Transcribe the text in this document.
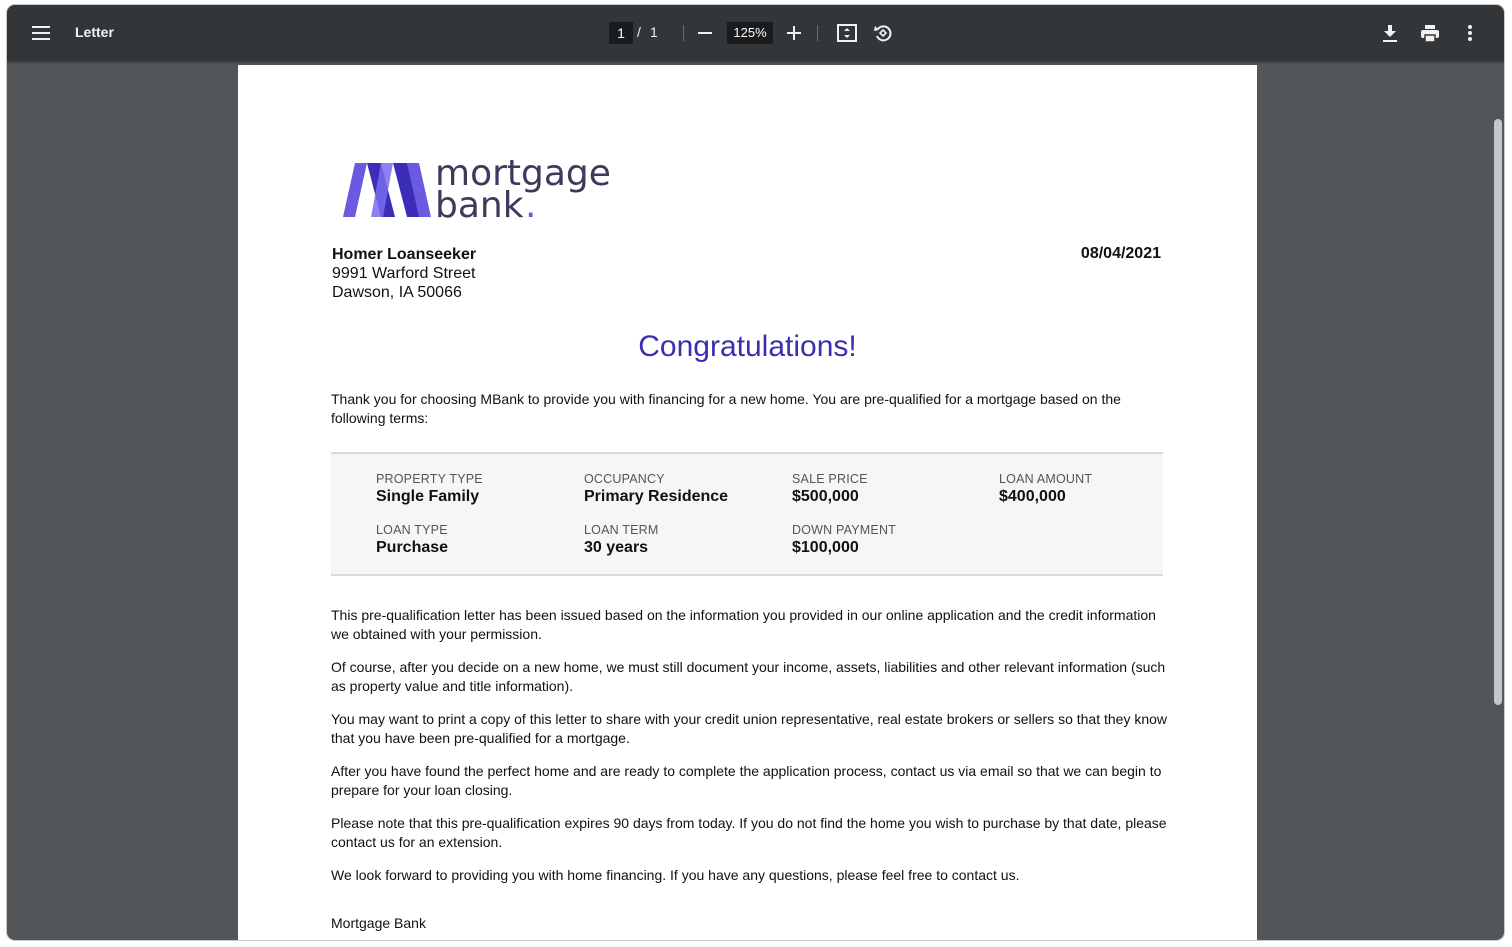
Letter
1	/ 1
125%
mortgage
bank .
Homer Loanseeker
9991 Warford Street
Dawson, IA 50066
08/04/2021
Congratulations!
Thank you for choosing MBank to provide you with financing for a new home. You are pre-qualified for a mortgage based on the following terms:
PROPERTY TYPE
Single Family
OCCUPANCY
Primary Residence
SALE PRICE
$500,000
LOAN AMOUNT
$400,000
LOAN TYPE
Purchase
LOAN TERM
30 years
DOWN PAYMENT
$100,000
This pre-qualification letter has been issued based on the information you provided in our online application and the credit information we obtained with your permission.
Of course, after you decide on a new home, we must still document your income, assets, liabilities and other relevant information (such as property value and title information).
You may want to print a copy of this letter to share with your credit union representative, real estate brokers or sellers so that they know that you have been pre-qualified for a mortgage.
After you have found the perfect home and are ready to complete the application process, contact us via email so that we can begin to prepare for your loan closing.
Please note that this pre-qualification expires 90 days from today. If you do not find the home you wish to purchase by that date, please contact us for an extension.
We look forward to providing you with home financing. If you have any questions, please feel free to contact us.
Mortgage Bank
